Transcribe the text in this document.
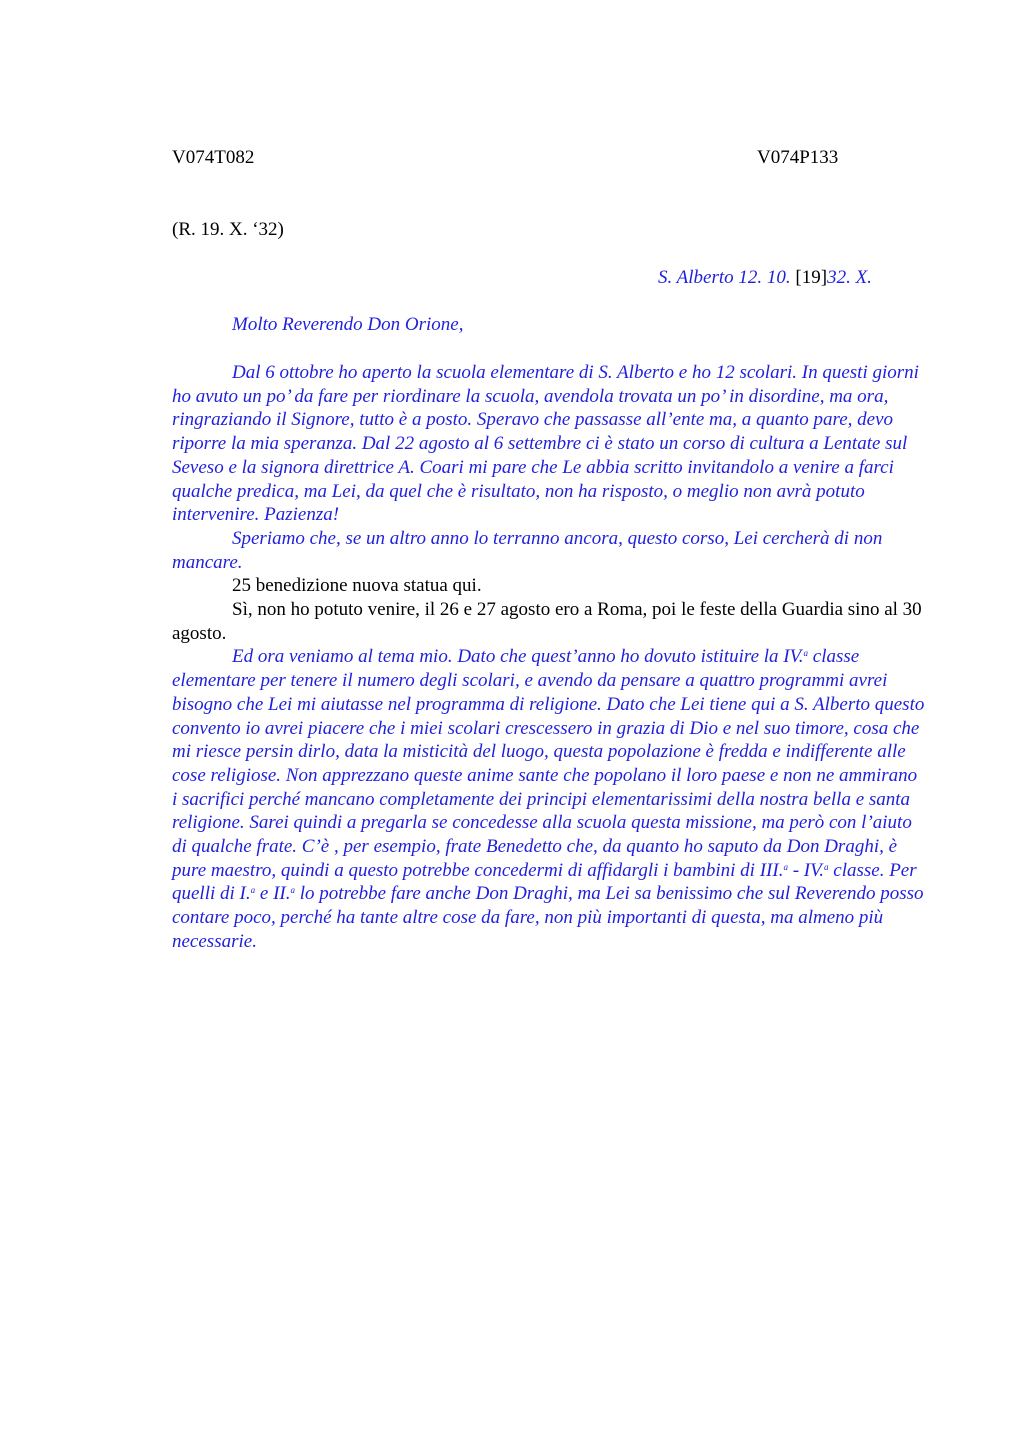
V074T082	V074P133
(R. 19. X. ‘32)
S. Alberto 12. 10. [19]32. X.
Molto Reverendo Don Orione,

Dal 6 ottobre ho aperto la scuola elementare di S. Alberto e ho 12 scolari. In questi giorni ho avuto un po’ da fare per riordinare la scuola, avendola trovata un po’ in disordine, ma ora, ringraziando il Signore, tutto è a posto. Speravo che passasse all’ente ma, a quanto pare, devo riporre la mia speranza. Dal 22 agosto al 6 settembre ci è stato un corso di cultura a Lentate sul Seveso e la signora direttrice A. Coari mi pare che Le abbia scritto invitandolo a venire a farci qualche predica, ma Lei, da quel che è risultato, non ha risposto, o meglio non avrà potuto intervenire. Pazienza!

Speriamo che, se un altro anno lo terranno ancora, questo corso, Lei cercherà di non mancare.

25 benedizione nuova statua qui.

Sì, non ho potuto venire, il 26 e 27 agosto ero a Roma, poi le feste della Guardia sino al 30 agosto.

Ed ora veniamo al tema mio. Dato che quest’anno ho dovuto istituire la IV.$^a$ classe elementare per tenere il numero degli scolari, e avendo da pensare a quattro programmi avrei bisogno che Lei mi aiutasse nel programma di religione. Dato che Lei tiene qui a S. Alberto questo convento io avrei piacere che i miei scolari crescessero in grazia di Dio e nel suo timore, cosa che mi riesce persin dirlo, data la misticità del luogo, questa popolazione è fredda e indifferente alle cose religiose. Non apprezzano queste anime sante che popolano il loro paese e non ne ammirano i sacrifici perché mancano completamente dei principi elementarissimi della nostra bella e santa religione. Sarei quindi a pregarla se concedesse alla scuola questa missione, ma però con l’aiuto di qualche frate. C’è , per esempio, frate Benedetto che, da quanto ho saputo da Don Draghi, è pure maestro, quindi a questo potrebbe concedermi di affidargli i bambini di III.$^a$ - IV.$^a$ classe. Per quelli di I.$^a$ e II.$^a$ lo potrebbe fare anche Don Draghi, ma Lei sa benissimo che sul Reverendo posso contare poco, perché ha tante altre cose da fare, non più importanti di questa, ma almeno più necessarie.
